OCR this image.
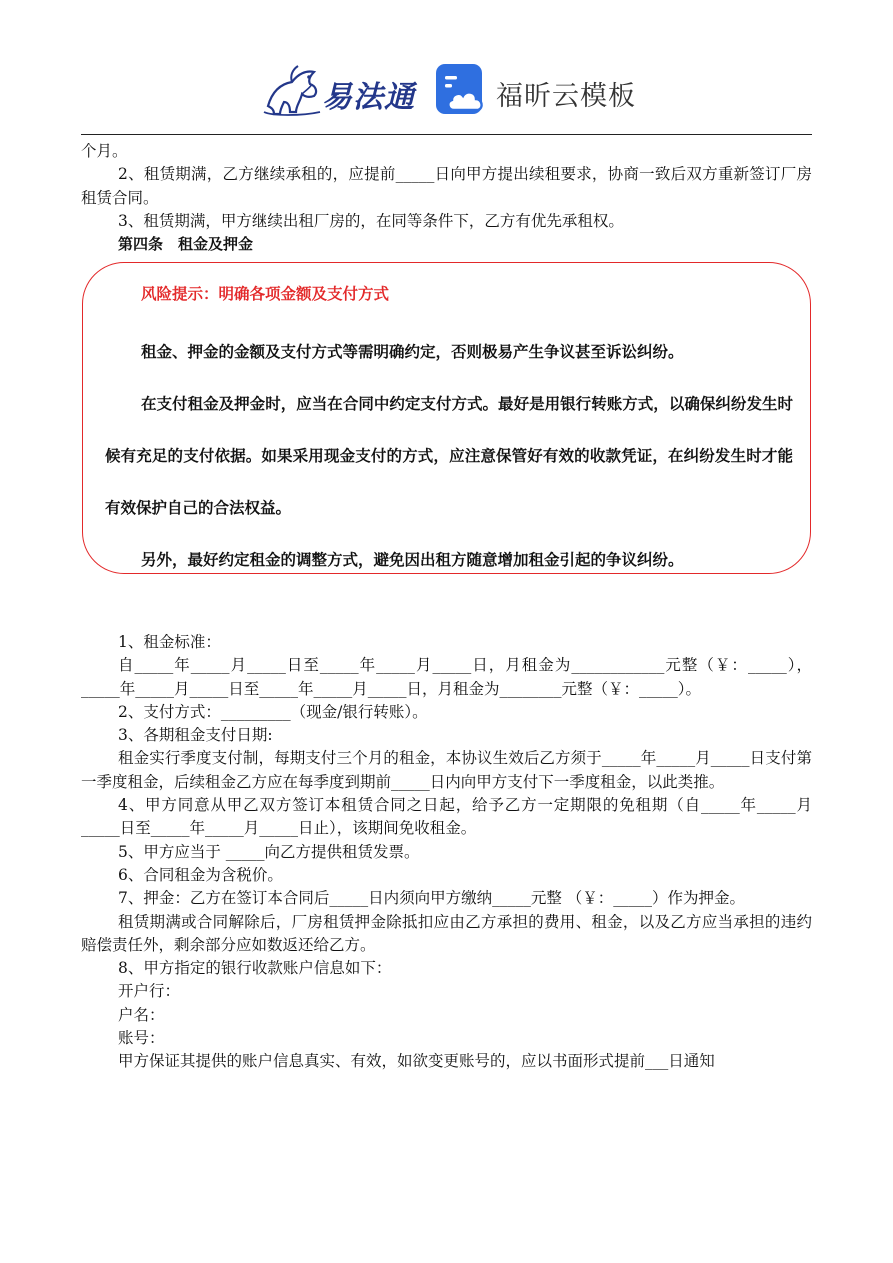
易法通	福昕云模板

个月。

2、租赁期满，乙方继续承租的，应提前_____日向甲方提出续租要求，协商一致后双方重新签订厂房租赁合同。

3、租赁期满，甲方继续出租厂房的，在同等条件下，乙方有优先承租权。

第四条　租金及押金

风险提示：明确各项金额及支付方式

租金、押金的金额及支付方式等需明确约定，否则极易产生争议甚至诉讼纠纷。

在支付租金及押金时，应当在合同中约定支付方式。最好是用银行转账方式，以确保纠纷发生时候有充足的支付依据。如果采用现金支付的方式，应注意保管好有效的收款凭证，在纠纷发生时才能有效保护自己的合法权益。

另外，最好约定租金的调整方式，避免因出租方随意增加租金引起的争议纠纷。

1、租金标准：

自_____年_____月_____日至_____年_____月_____日，月租金为____________元整（￥：_____），_____年_____月_____日至_____年_____月_____日，月租金为________元整（￥：_____）。

2、支付方式：_________（现金/银行转账）。

3、各期租金支付日期:

租金实行季度支付制，每期支付三个月的租金，本协议生效后乙方须于_____年_____月_____日支付第一季度租金，后续租金乙方应在每季度到期前_____日内向甲方支付下一季度租金，以此类推。

4、甲方同意从甲乙双方签订本租赁合同之日起，给予乙方一定期限的免租期（自_____年_____月_____日至_____年_____月_____日止），该期间免收租金。

5、甲方应当于 _____向乙方提供租赁发票。

6、合同租金为含税价。

7、押金：乙方在签订本合同后_____日内须向甲方缴纳_____元整 （￥：_____）作为押金。

租赁期满或合同解除后，厂房租赁押金除抵扣应由乙方承担的费用、租金，以及乙方应当承担的违约赔偿责任外，剩余部分应如数返还给乙方。

8、甲方指定的银行收款账户信息如下：

开户行：

户名：

账号：

甲方保证其提供的账户信息真实、有效，如欲变更账号的，应以书面形式提前___日通知
